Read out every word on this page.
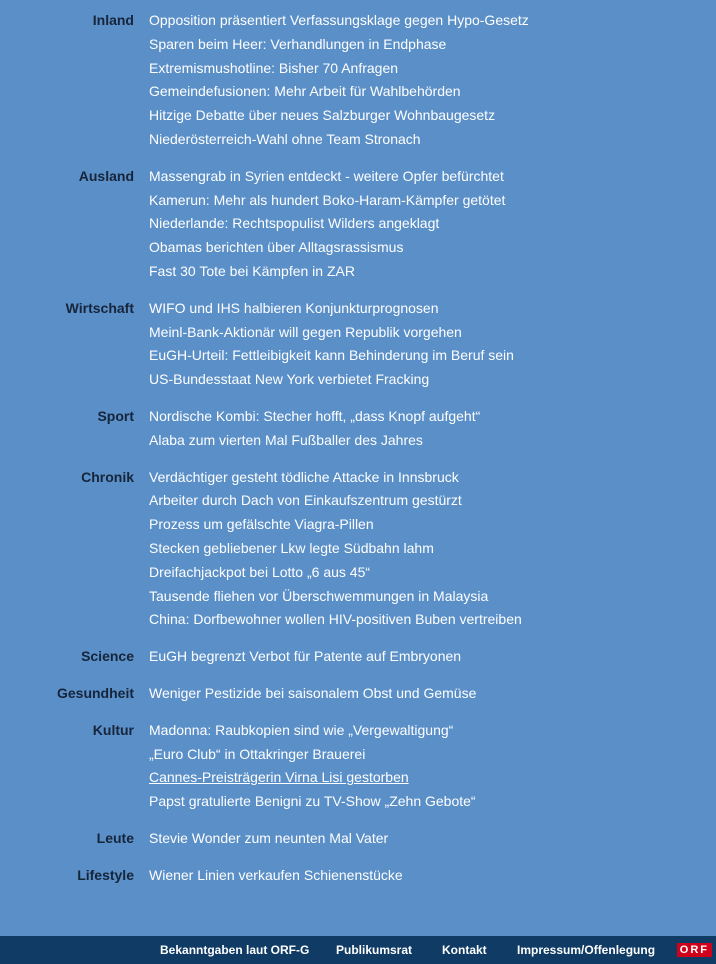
Inland Opposition präsentiert Verfassungsklage gegen Hypo-Gesetz
Sparen beim Heer: Verhandlungen in Endphase
Extremismushotline: Bisher 70 Anfragen
Gemeindefusionen: Mehr Arbeit für Wahlbehörden
Hitzige Debatte über neues Salzburger Wohnbaugesetz
Niederösterreich-Wahl ohne Team Stronach
Ausland Massengrab in Syrien entdeckt - weitere Opfer befürchtet
Kamerun: Mehr als hundert Boko-Haram-Kämpfer getötet
Niederlande: Rechtspopulist Wilders angeklagt
Obamas berichten über Alltagsrassismus
Fast 30 Tote bei Kämpfen in ZAR
Wirtschaft WIFO und IHS halbieren Konjunkturprognosen
Meinl-Bank-Aktionär will gegen Republik vorgehen
EuGH-Urteil: Fettleibigkeit kann Behinderung im Beruf sein
US-Bundesstaat New York verbietet Fracking
Sport Nordische Kombi: Stecher hofft, „dass Knopf aufgeht“
Alaba zum vierten Mal Fußballer des Jahres
Chronik Verdächtiger gesteht tödliche Attacke in Innsbruck
Arbeiter durch Dach von Einkaufszentrum gestürzt
Prozess um gefälschte Viagra-Pillen
Stecken gebliebener Lkw legte Südbahn lahm
Dreifachjackpot bei Lotto „6 aus 45“
Tausende fliehen vor Überschwemmungen in Malaysia
China: Dorfbewohner wollen HIV-positiven Buben vertreiben
Science EuGH begrenzt Verbot für Patente auf Embryonen
Gesundheit Weniger Pestizide bei saisonalem Obst und Gemüse
Kultur Madonna: Raubkopien sind wie „Vergewaltigung“
„Euro Club“ in Ottakringer Brauerei
Cannes-Preisträgerin Virna Lisi gestorben
Papst gratulierte Benigni zu TV-Show „Zehn Gebote“
Leute Stevie Wonder zum neunten Mal Vater
Lifestyle Wiener Linien verkaufen Schienenstücke
Bekanntgaben laut ORF-G Publikumsrat Kontakt	Impressum/Offenlegung ORF
